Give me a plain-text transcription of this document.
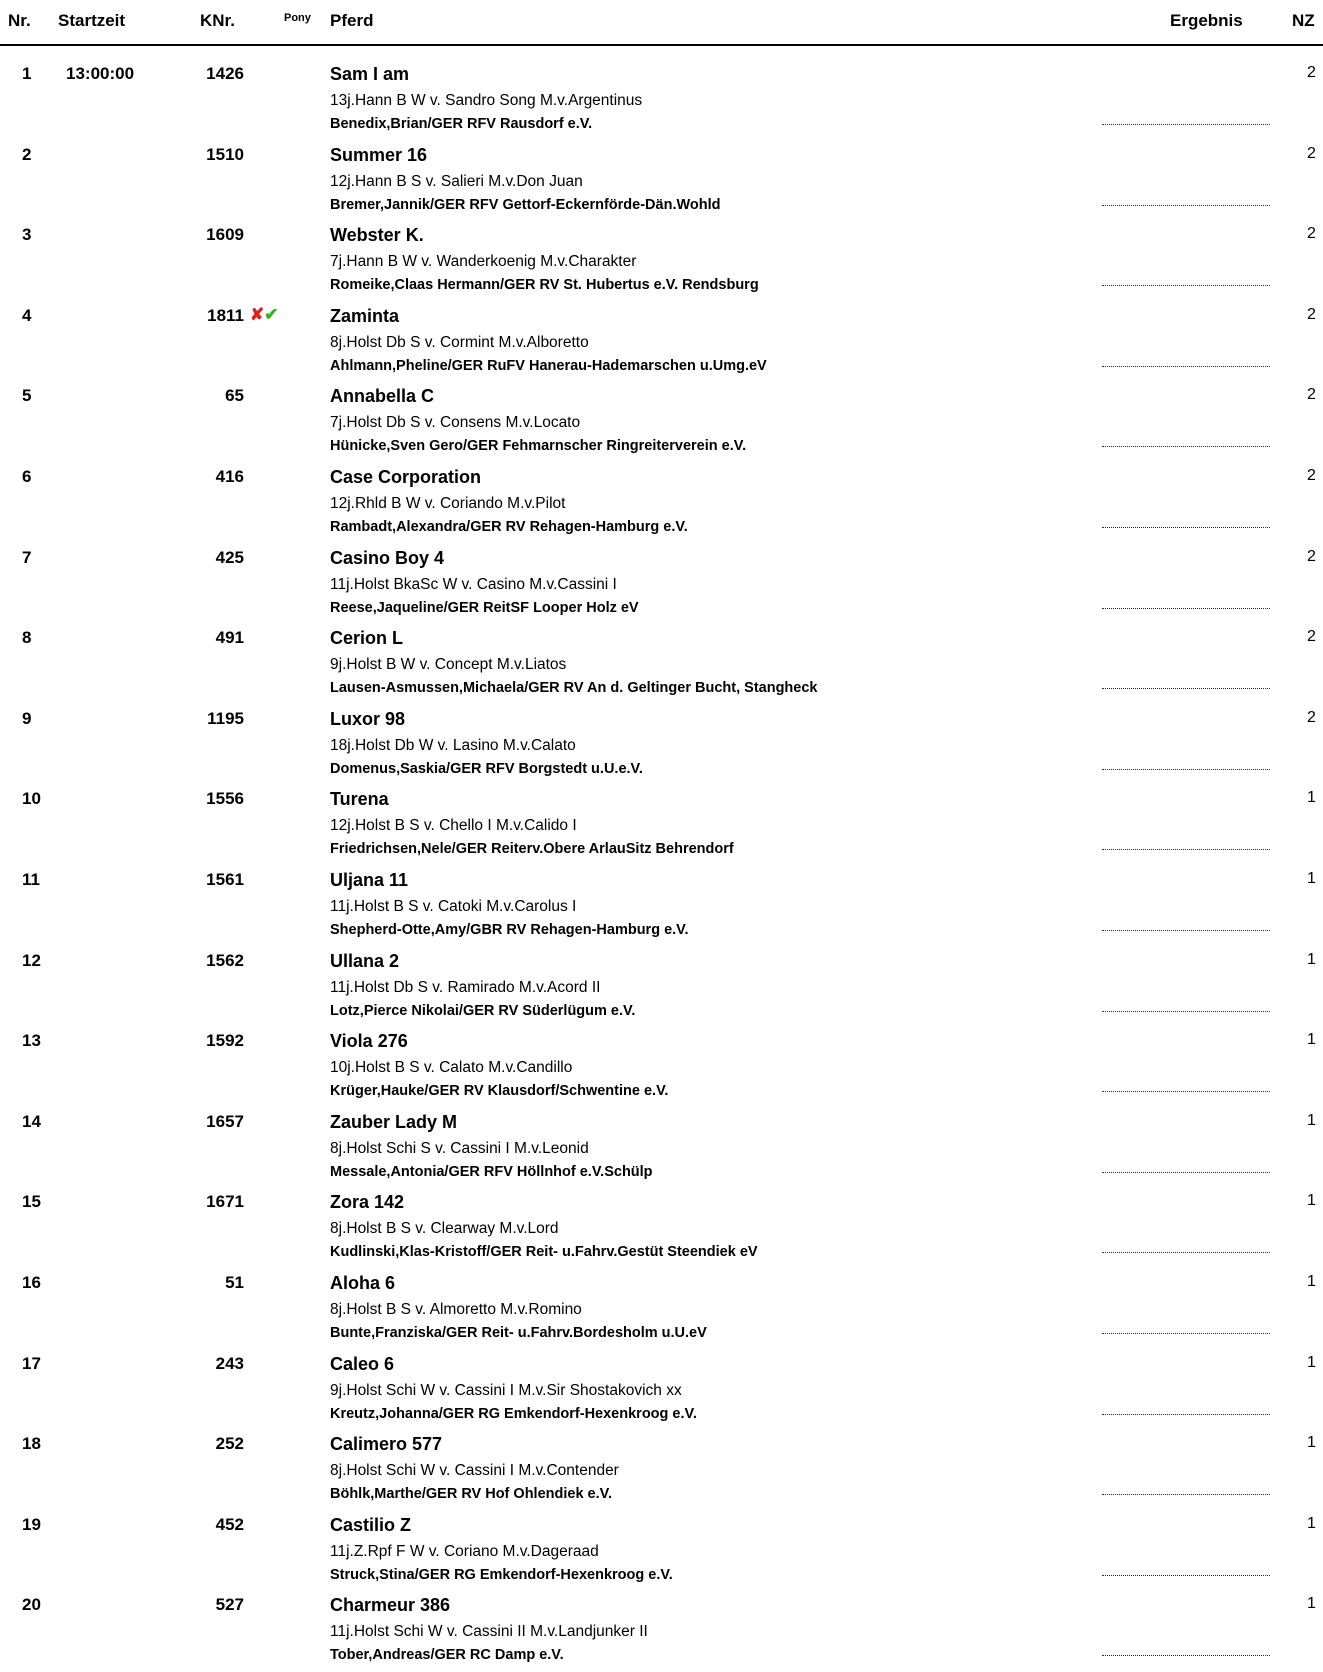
Nr. Startzeit	KNr.	Pony Pferd	Ergebnis	NZ
1 13:00:00	1426	Sam I am
13j.Hann B W v. Sandro Song M.v.Argentinus
Benedix,Brian/GER RFV Rausdorf e.V.
2
2	1510	Summer 16
12j.Hann B S v. Salieri M.v.Don Juan
Bremer,Jannik/GER RFV Gettorf-Eckernförde-Dän.Wohld
2
3	1609	Webster K.
7j.Hann B W v. Wanderkoenig M.v.Charakter
Romeike,Claas Hermann/GER RV St. Hubertus e.V. Rendsburg
2
4	1811	Zaminta
8j.Holst Db S v. Cormint M.v.Alboretto
Ahlmann,Pheline/GER RuFV Hanerau-Hademarschen u.Umg.eV
2
✘✔
5	65	Annabella C
7j.Holst Db S v. Consens M.v.Locato
Hünicke,Sven Gero/GER Fehmarnscher Ringreiterverein e.V.
2
6	416	Case Corporation
12j.Rhld B W v. Coriando M.v.Pilot
Rambadt,Alexandra/GER RV Rehagen-Hamburg e.V.
2
7	425	Casino Boy 4
11j.Holst BkaSc W v. Casino M.v.Cassini I
Reese,Jaqueline/GER ReitSF Looper Holz eV
2
8	491	Cerion L
9j.Holst B W v. Concept M.v.Liatos
Lausen-Asmussen,Michaela/GER RV An d. Geltinger Bucht, Stangheck
2
9	1195	Luxor 98
18j.Holst Db W v. Lasino M.v.Calato
Domenus,Saskia/GER RFV Borgstedt u.U.e.V.
2
10	1556	Turena
12j.Holst B S v. Chello I M.v.Calido I
Friedrichsen,Nele/GER Reiterv.Obere ArlauSitz Behrendorf
1
11	1561	Uljana 11
11j.Holst B S v. Catoki M.v.Carolus I
Shepherd-Otte,Amy/GBR RV Rehagen-Hamburg e.V.
1
12	1562	Ullana 2
11j.Holst Db S v. Ramirado M.v.Acord II
Lotz,Pierce Nikolai/GER RV Süderlügum e.V.
1
13	1592	Viola 276
10j.Holst B S v. Calato M.v.Candillo
Krüger,Hauke/GER RV Klausdorf/Schwentine e.V.
1
14	1657	Zauber Lady M
8j.Holst Schi S v. Cassini I M.v.Leonid
Messale,Antonia/GER RFV Höllnhof e.V.Schülp
1
15	1671	Zora 142
8j.Holst B S v. Clearway M.v.Lord
Kudlinski,Klas-Kristoff/GER Reit- u.Fahrv.Gestüt Steendiek eV
1
16	51	Aloha 6
8j.Holst B S v. Almoretto M.v.Romino
Bunte,Franziska/GER Reit- u.Fahrv.Bordesholm u.U.eV
1
17	243	Caleo 6
9j.Holst Schi W v. Cassini I M.v.Sir Shostakovich xx
Kreutz,Johanna/GER RG Emkendorf-Hexenkroog e.V.
1
18	252	Calimero 577
8j.Holst Schi W v. Cassini I M.v.Contender
Böhlk,Marthe/GER RV Hof Ohlendiek e.V.
1
19	452	Castilio Z
11j.Z.Rpf F W v. Coriano M.v.Dageraad
Struck,Stina/GER RG Emkendorf-Hexenkroog e.V.
1
20	527	Charmeur 386
11j.Holst Schi W v. Cassini II M.v.Landjunker II
Tober,Andreas/GER RC Damp e.V.
1
